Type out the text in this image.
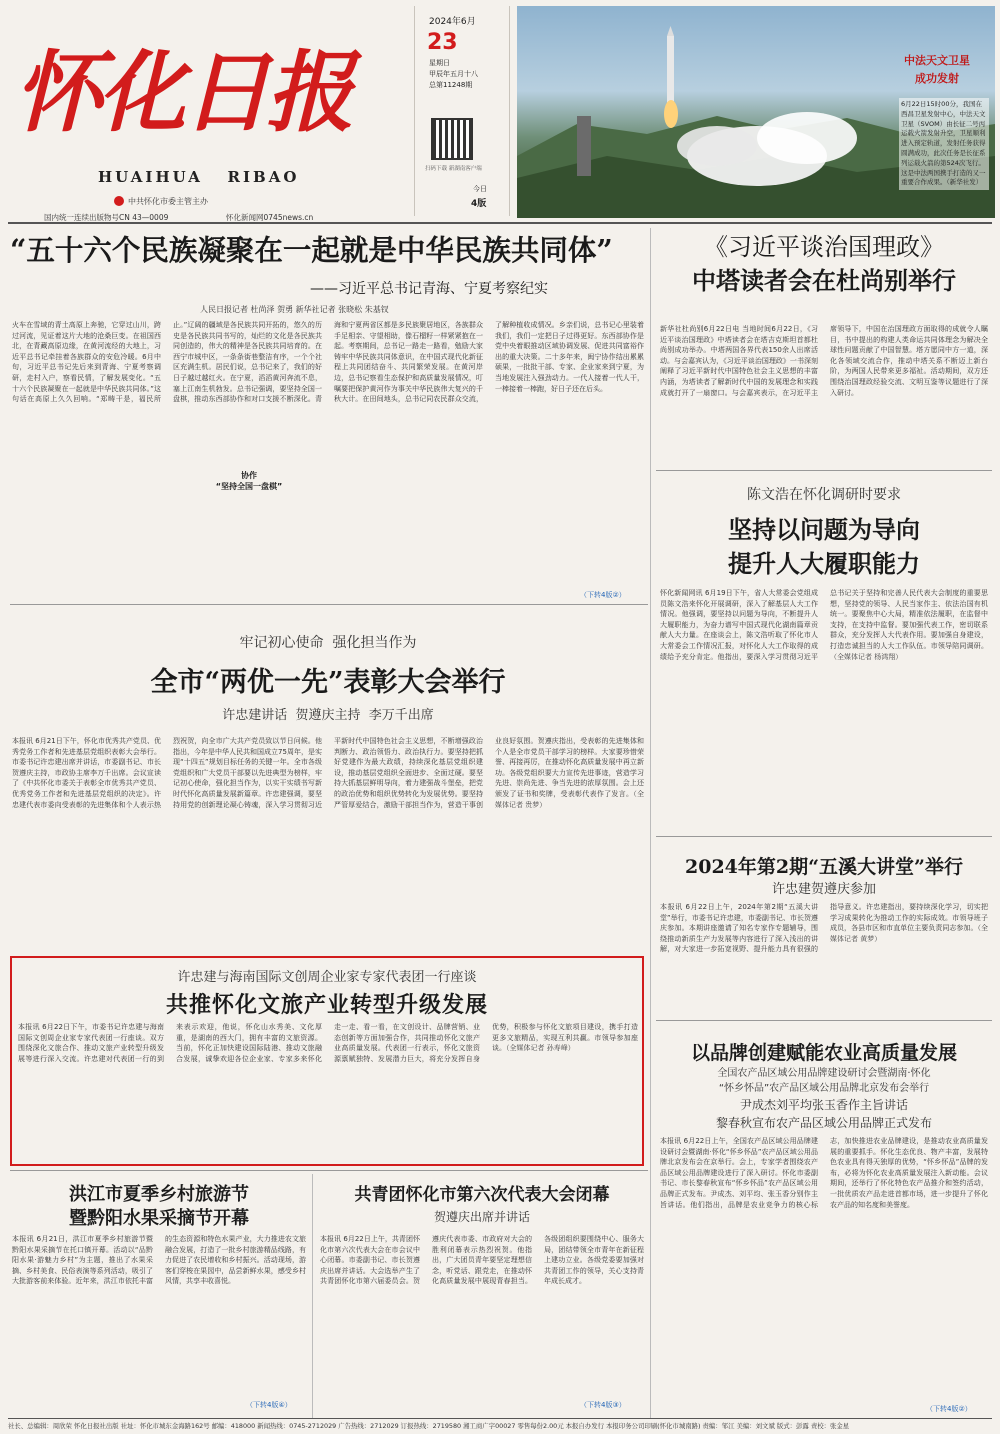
怀化日报
HUAIHUA   RIBAO
中共怀化市委主管主办
国内统一连续出版物号CN 43—0009	怀化新闻网0745news.cn
2024年6月
23
星期日
甲辰年五月十八
总第11248期
扫码下载 新湖南客户端
今日
4版
中法天文卫星
成功发射
6月22日15时00分，我国在西昌卫星发射中心，中法天文卫星（SVOM）由长征二号丙运载火箭发射升空，卫星顺利进入预定轨道，发射任务获得圆满成功，此次任务是长征系列运载火箭的第524次飞行。这是中法两国携手打造的又一重要合作成果。（新华社发）
“五十六个民族凝聚在一起就是中华民族共同体”
——习近平总书记青海、宁夏考察纪实
人民日报记者 杜尚泽 贺勇 新华社记者 张晓松 朱基钗
火车在雪域的青土高原上奔驰，它穿过山川，跨过河流，见证着这片大地的沧桑巨变。在祖国西北，在青藏高原边缘，在黄河流经的大地上，习近平总书记牵挂着各族群众的安危冷暖。6月中旬，习近平总书记先后来到青海、宁夏考察调研，走村入户，察看民情，了解发展变化。“五十六个民族凝聚在一起就是中华民族共同体。”这句话在高原上久久回响。“郑畴干是，福民所止。”辽阔的疆域是各民族共同开拓的，悠久的历史是各民族共同书写的，灿烂的文化是各民族共同创造的，伟大的精神是各民族共同培育的。在西宁市城中区，一条条街巷整洁有序，一个个社区充满生机。居民们说，总书记来了，我们的好日子越过越红火。在宁夏，滔滔黄河奔流不息，塞上江南生机勃发。总书记强调，要坚持全国一盘棋，推动东西部协作和对口支援不断深化。青海和宁夏两省区都是多民族聚居地区，各族群众手足相亲、守望相助，像石榴籽一样紧紧抱在一起。考察期间，总书记一路走一路看，勉励大家铸牢中华民族共同体意识，在中国式现代化新征程上共同团结奋斗、共同繁荣发展。在黄河岸边，总书记察看生态保护和高质量发展情况，叮嘱要把保护黄河作为事关中华民族伟大复兴的千秋大计。在田间地头，总书记同农民群众交流，了解种植收成情况。乡亲们说，总书记心里装着我们，我们一定把日子过得更好。东西部协作是党中央着眼推动区域协调发展、促进共同富裕作出的重大决策。二十多年来，闽宁协作结出累累硕果，一批批干部、专家、企业家来到宁夏，为当地发展注入强劲动力。一代人接着一代人干，一棒接着一棒跑，好日子还在后头。
协作
“坚持全国一盘棋”
（下转4版②）
《习近平谈治国理政》
中塔读者会在杜尚别举行
新华社杜尚别6月22日电 当地时间6月22日，《习近平谈治国理政》中塔读者会在塔吉克斯坦首都杜尚别成功举办。中塔两国各界代表150余人出席活动。与会嘉宾认为，《习近平谈治国理政》一书深刻阐释了习近平新时代中国特色社会主义思想的丰富内涵，为塔读者了解新时代中国的发展理念和实践成就打开了一扇窗口。与会嘉宾表示，在习近平主席领导下，中国在治国理政方面取得的成就令人瞩目，书中提出的构建人类命运共同体理念为解决全球性问题贡献了中国智慧。塔方愿同中方一道，深化各领域交流合作，推动中塔关系不断迈上新台阶，为两国人民带来更多福祉。活动期间，双方还围绕治国理政经验交流、文明互鉴等议题进行了深入研讨。
陈文浩在怀化调研时要求
坚持以问题为导向
提升人大履职能力
怀化新闻网讯 6月19日下午，省人大常委会党组成员陈文浩来怀化开展调研，深入了解基层人大工作情况。他强调，要坚持以问题为导向，不断提升人大履职能力，为奋力谱写中国式现代化湖南篇章贡献人大力量。在座谈会上，陈文浩听取了怀化市人大常委会工作情况汇报，对怀化人大工作取得的成绩给予充分肯定。他指出，要深入学习贯彻习近平总书记关于坚持和完善人民代表大会制度的重要思想，坚持党的领导、人民当家作主、依法治国有机统一。要聚焦中心大局，精准依法履职，在监督中支持，在支持中监督。要加强代表工作，密切联系群众，充分发挥人大代表作用。要加强自身建设，打造忠诚担当的人大工作队伍。市领导陪同调研。（全媒体记者 杨鸿翔）
牢记初心使命  强化担当作为
全市“两优一先”表彰大会举行
许忠建讲话  贺遵庆主持  李万千出席
本报讯 6月21日下午，怀化市优秀共产党员、优秀党务工作者和先进基层党组织表彰大会举行。市委书记许忠建出席并讲话，市委副书记、市长贺遵庆主持，市政协主席李万千出席。会议宣读了《中共怀化市委关于表彰全市优秀共产党员、优秀党务工作者和先进基层党组织的决定》。许忠建代表市委向受表彰的先进集体和个人表示热烈祝贺，向全市广大共产党员致以节日问候。他指出，今年是中华人民共和国成立75周年，是实现“十四五”规划目标任务的关键一年。全市各级党组织和广大党员干部要以先进典型为榜样，牢记初心使命，强化担当作为，以实干实绩书写新时代怀化高质量发展新篇章。许忠建强调，要坚持用党的创新理论凝心铸魂，深入学习贯彻习近平新时代中国特色社会主义思想，不断增强政治判断力、政治领悟力、政治执行力。要坚持把抓好党建作为最大政绩，持续深化基层党组织建设，推动基层党组织全面进步、全面过硬。要坚持大抓基层鲜明导向，着力建强战斗堡垒，把党的政治优势和组织优势转化为发展优势。要坚持严管厚爱结合，激励干部担当作为，营造干事创业良好氛围。贺遵庆指出，受表彰的先进集体和个人是全市党员干部学习的榜样。大家要珍惜荣誉、再接再厉，在推动怀化高质量发展中再立新功。各级党组织要大力宣传先进事迹，营造学习先进、崇尚先进、争当先进的浓厚氛围。会上还颁发了证书和奖牌，受表彰代表作了发言。（全媒体记者 贵梦）
2024年第2期“五溪大讲堂”举行
许忠建贺遵庆参加
本报讯 6月22日上午，2024年第2期“五溪大讲堂”举行，市委书记许忠建，市委副书记、市长贺遵庆参加。本期讲座邀请了知名专家作专题辅导，围绕推动新质生产力发展等内容进行了深入浅出的讲解，对大家进一步拓宽视野、提升能力具有很强的指导意义。许忠建指出，要持续深化学习，切实把学习成果转化为推动工作的实际成效。市领导班子成员，各县市区和市直单位主要负责同志参加。（全媒体记者 黄梦）
许忠建与海南国际文创周企业家专家代表团一行座谈
共推怀化文旅产业转型升级发展
本报讯 6月22日下午，市委书记许忠建与海南国际文创周企业家专家代表团一行座谈。双方围绕深化文旅合作、推动文旅产业转型升级发展等进行深入交流。许忠建对代表团一行的到来表示欢迎，他说，怀化山水秀美、文化厚重，是湖南的西大门，拥有丰富的文旅资源。当前，怀化正加快建设国际陆港、推动文旅融合发展，诚挚欢迎各位企业家、专家多来怀化走一走、看一看，在文创设计、品牌营销、业态创新等方面加强合作，共同推动怀化文旅产业高质量发展。代表团一行表示，怀化文旅资源禀赋独特、发展潜力巨大，将充分发挥自身优势，积极参与怀化文旅项目建设，携手打造更多文旅精品，实现互利共赢。市领导参加座谈。（全媒体记者 孙寿峰）	以品牌创建赋能农业高质量发展
全国农产品区域公用品牌建设研讨会暨湖南·怀化
“怀乡怀品”农产品区域公用品牌北京发布会举行
尹成杰刘平均张玉香作主旨讲话
黎春秋宣布农产品区域公用品牌正式发布
本报讯 6月22日上午，全国农产品区域公用品牌建设研讨会暨湖南·怀化“怀乡怀品”农产品区域公用品牌北京发布会在京举行。会上，专家学者围绕农产品区域公用品牌建设进行了深入研讨。怀化市委副书记、市长黎春秋宣布“怀乡怀品”农产品区域公用品牌正式发布。尹成杰、刘平均、张玉香分别作主旨讲话。他们指出，品牌是农业竞争力的核心标志，加快推进农业品牌建设，是推动农业高质量发展的重要抓手。怀化生态优良、物产丰富，发展特色农业具有得天独厚的优势，“怀乡怀品”品牌的发布，必将为怀化农业高质量发展注入新动能。会议期间，还举行了怀化特色农产品推介和签约活动，一批优质农产品走进首都市场，进一步提升了怀化农产品的知名度和美誉度。
（下转4版②）
洪江市夏季乡村旅游节
暨黔阳水果采摘节开幕
本报讯 6月21日，洪江市夏季乡村旅游节暨黔阳水果采摘节在托口镇开幕。活动以“品黔阳水果·游魅力乡村”为主题，推出了水果采摘、乡村美食、民俗表演等系列活动，吸引了大批游客前来体验。近年来，洪江市依托丰富的生态资源和特色水果产业，大力推进农文旅融合发展，打造了一批乡村旅游精品线路，有力促进了农民增收和乡村振兴。活动现场，游客们穿梭在果园中，品尝新鲜水果，感受乡村风情，共享丰收喜悦。
（下转4版④）
共青团怀化市第六次代表大会闭幕
贺遵庆出席并讲话
本报讯 6月22日上午，共青团怀化市第六次代表大会在市会议中心闭幕。市委副书记、市长贺遵庆出席并讲话。大会选举产生了共青团怀化市第六届委员会。贺遵庆代表市委、市政府对大会的胜利闭幕表示热烈祝贺。他指出，广大团员青年要坚定理想信念，听党话、跟党走，在推动怀化高质量发展中展现青春担当。各级团组织要围绕中心、服务大局，团结带领全市青年在新征程上建功立业。各级党委要加强对共青团工作的领导，关心支持青年成长成才。
（下转4版③）
社长、总编辑：周欣荣 怀化日报社出版 社址：怀化市城东金海路162号 邮编：418000 新闻热线：0745-2712029 广告热线：2712029 订报热线：2719580 湘工商广字00027 零售每份2.00元 本报自办发行 本报印务公司印刷(怀化市城南路) 责编：邹江 美编：刘文斌 版式：彭露 责校：张金星
